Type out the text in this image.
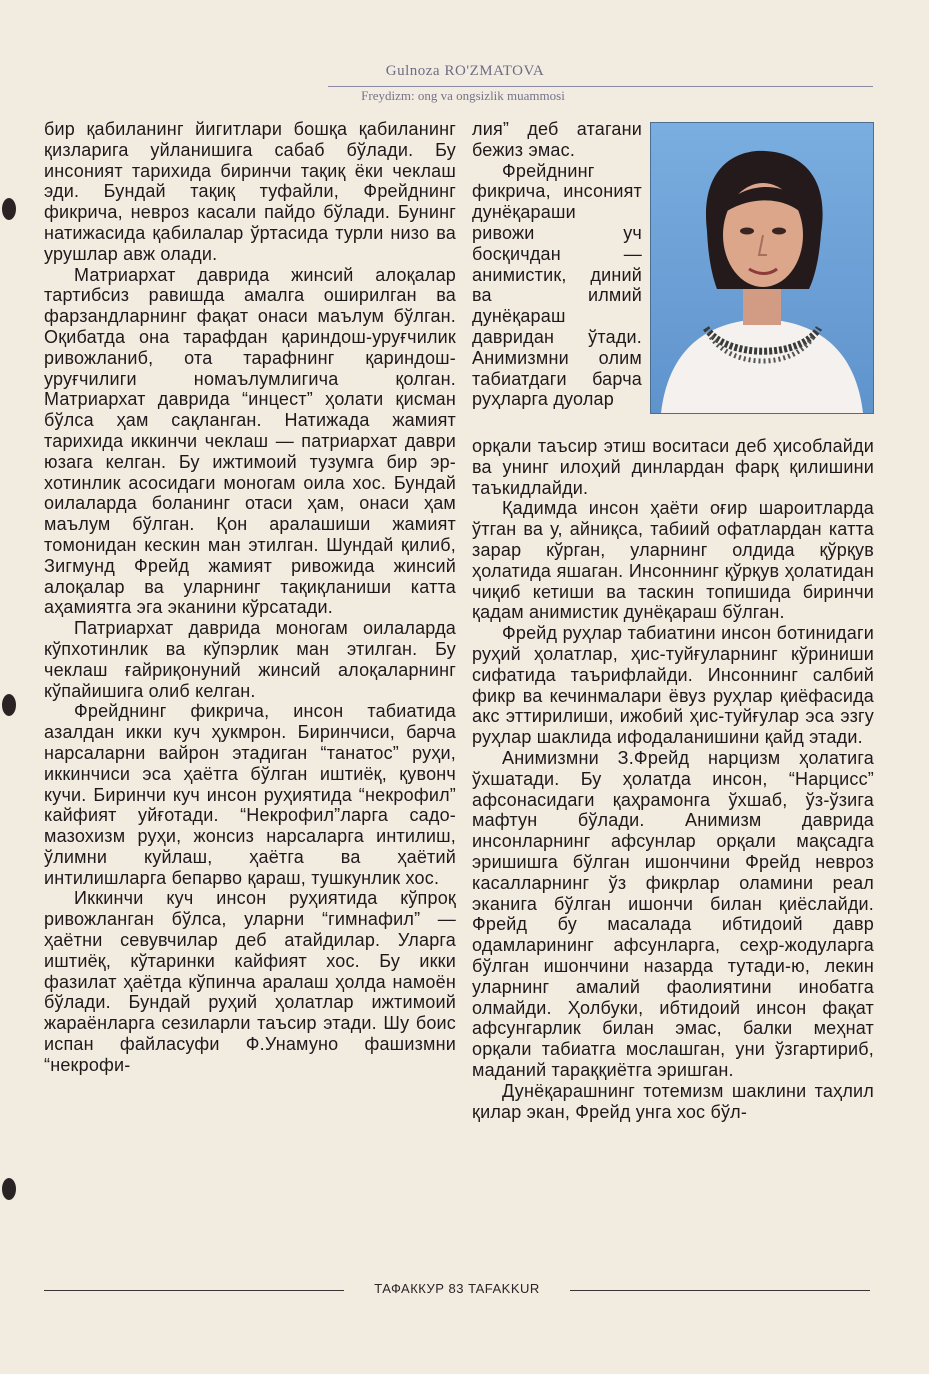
Gulnoza RO'ZMATOVA
Freydizm: ong va ongsizlik muammosi

бир қабиланинг йигитлари бошқа қабиланинг қизларига уйланишига сабаб бўлади. Бу инсоният тарихида биринчи тақиқ ёки чеклаш эди. Бундай тақиқ туфайли, Фрейднинг фикрича, невроз касали пайдо бўлади. Бунинг натижасида қабилалар ўртасида турли низо ва урушлар авж олади.

Матриархат даврида жинсий алоқалар тартибсиз равишда амалга оширилган ва фарзандларнинг фақат онаси маълум бўлган. Оқибатда она тарафдан қариндош-уруғчилик ривожланиб, ота тарафнинг қариндош-уруғчилиги номаълумлигича қолган. Матриархат даврида “инцест” ҳолати қисман бўлса ҳам сақланган. Натижада жамият тарихида иккинчи чеклаш — патриархат даври юзага келган. Бу ижтимоий тузумга бир эр-хотинлик асосидаги моногам оила хос. Бундай оилаларда боланинг отаси ҳам, онаси ҳам маълум бўлган. Қон аралашиши жамият томонидан кескин ман этилган. Шундай қилиб, Зигмунд Фрейд жамият ривожида жинсий алоқалар ва уларнинг тақиқланиши катта аҳамиятга эга эканини кўрсатади.

Патриархат даврида моногам оилаларда кўпхотинлик ва кўпэрлик ман этилган. Бу чеклаш ғайриқонуний жинсий алоқаларнинг кўпайишига олиб келган.

Фрейднинг фикрича, инсон табиатида азалдан икки куч ҳукмрон. Биринчиси, барча нарсаларни вайрон этадиган “танатос” руҳи, иккинчиси эса ҳаётга бўлган иштиёқ, қувонч кучи. Биринчи куч инсон руҳиятида “некрофил” кайфият уйғотади. “Некрофил”ларга садо-мазохизм руҳи, жонсиз нарсаларга интилиш, ўлимни куйлаш, ҳаётга ва ҳаётий интилишларга бепарво қараш, тушкунлик хос.

Иккинчи куч инсон руҳиятида кўпроқ ривожланган бўлса, уларни “гимнафил” — ҳаётни севувчилар деб атайдилар. Уларга иштиёқ, кўтаринки кайфият хос. Бу икки фазилат ҳаётда кўпинча аралаш ҳолда намоён бўлади. Бундай руҳий ҳолатлар ижтимоий жараёнларга сезиларли таъсир этади. Шу боис испан файласуфи Ф.Унамуно фашизмни “некрофи-

лия” деб атагани бежиз эмас.

Фрейднинг фикрича, инсоният дунёқараши ривожи уч босқичдан — анимистик, диний ва илмий дунёқараш давридан ўтади. Анимизмни олим табиатдаги барча руҳларга дуолар

орқали таъсир этиш воситаси деб ҳисоблайди ва унинг илоҳий динлардан фарқ қилишини таъкидлайди.

Қадимда инсон ҳаёти оғир шароитларда ўтган ва у, айниқса, табиий офатлардан катта зарар кўрган, уларнинг олдида қўрқув ҳолатида яшаган. Инсоннинг қўрқув ҳолатидан чиқиб кетиши ва таскин топишида биринчи қадам анимистик дунёқараш бўлган.

Фрейд руҳлар табиатини инсон ботинидаги руҳий ҳолатлар, ҳис-туйғуларнинг кўриниши сифатида таърифлайди. Инсоннинг салбий фикр ва кечинмалари ёвуз руҳлар қиёфасида акс эттирилиши, ижобий ҳис-туйғулар эса эзгу руҳлар шаклида ифодаланишини қайд этади.

Анимизмни З.Фрейд нарцизм ҳолатига ўхшатади. Бу ҳолатда инсон, “Нарцисс” афсонасидаги қаҳрамонга ўхшаб, ўз-ўзига мафтун бўлади. Анимизм даврида инсонларнинг афсунлар орқали мақсадга эришишга бўлган ишончини Фрейд невроз касалларнинг ўз фикрлар оламини реал эканига бўлган ишончи билан қиёслайди. Фрейд бу масалада ибтидоий давр одамларининг афсунларга, сеҳр-жодуларга бўлган ишончини назарда тутади-ю, лекин уларнинг амалий фаолиятини инобатга олмайди. Ҳолбуки, ибтидоий инсон фақат афсунгарлик билан эмас, балки меҳнат орқали табиатга мослашган, уни ўзгартириб, маданий тараққиётга эришган.

Дунёқарашнинг тотемизм шаклини таҳлил қилар экан, Фрейд унга хос бўл-

ТАФАККУР 83 TAFAKKUR
